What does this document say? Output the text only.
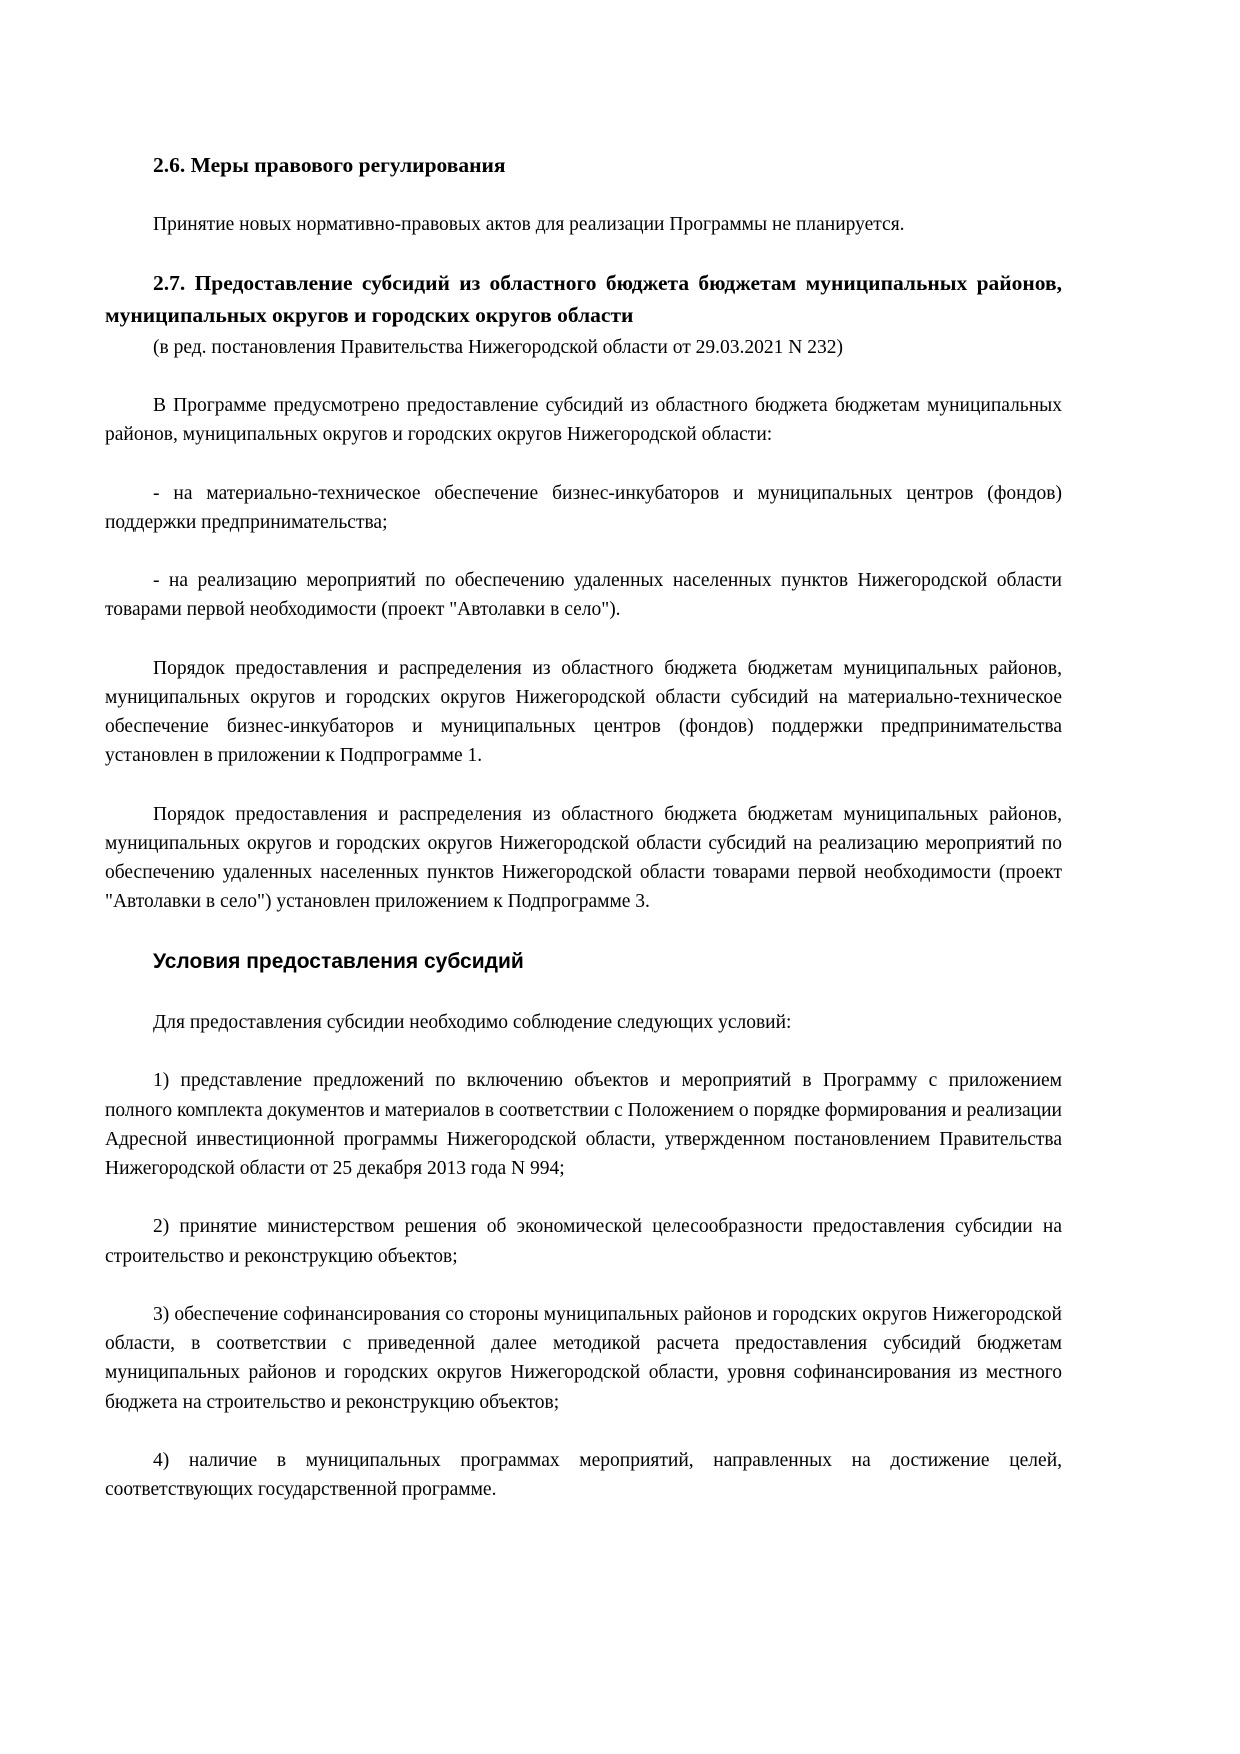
2.6. Меры правового регулирования

Принятие новых нормативно-правовых актов для реализации Программы не планируется.

2.7. Предоставление субсидий из областного бюджета бюджетам муниципальных районов, муниципальных округов и городских округов области

(в ред. постановления Правительства Нижегородской области от 29.03.2021 N 232)

В Программе предусмотрено предоставление субсидий из областного бюджета бюджетам муниципальных районов, муниципальных округов и городских округов Нижегородской области:

- на материально-техническое обеспечение бизнес-инкубаторов и муниципальных центров (фондов) поддержки предпринимательства;

- на реализацию мероприятий по обеспечению удаленных населенных пунктов Нижегородской области товарами первой необходимости (проект "Автолавки в село").

Порядок предоставления и распределения из областного бюджета бюджетам муниципальных районов, муниципальных округов и городских округов Нижегородской области субсидий на материально-техническое обеспечение бизнес-инкубаторов и муниципальных центров (фондов) поддержки предпринимательства установлен в приложении к Подпрограмме 1.

Порядок предоставления и распределения из областного бюджета бюджетам муниципальных районов, муниципальных округов и городских округов Нижегородской области субсидий на реализацию мероприятий по обеспечению удаленных населенных пунктов Нижегородской области товарами первой необходимости (проект "Автолавки в село") установлен приложением к Подпрограмме 3.

Условия предоставления субсидий

Для предоставления субсидии необходимо соблюдение следующих условий:

1) представление предложений по включению объектов и мероприятий в Программу с приложением полного комплекта документов и материалов в соответствии с Положением о порядке формирования и реализации Адресной инвестиционной программы Нижегородской области, утвержденном постановлением Правительства Нижегородской области от 25 декабря 2013 года N 994;

2) принятие министерством решения об экономической целесообразности предоставления субсидии на строительство и реконструкцию объектов;

3) обеспечение софинансирования со стороны муниципальных районов и городских округов Нижегородской области, в соответствии с приведенной далее методикой расчета предоставления субсидий бюджетам муниципальных районов и городских округов Нижегородской области, уровня софинансирования из местного бюджета на строительство и реконструкцию объектов;

4) наличие в муниципальных программах мероприятий, направленных на достижение целей, соответствующих государственной программе.
